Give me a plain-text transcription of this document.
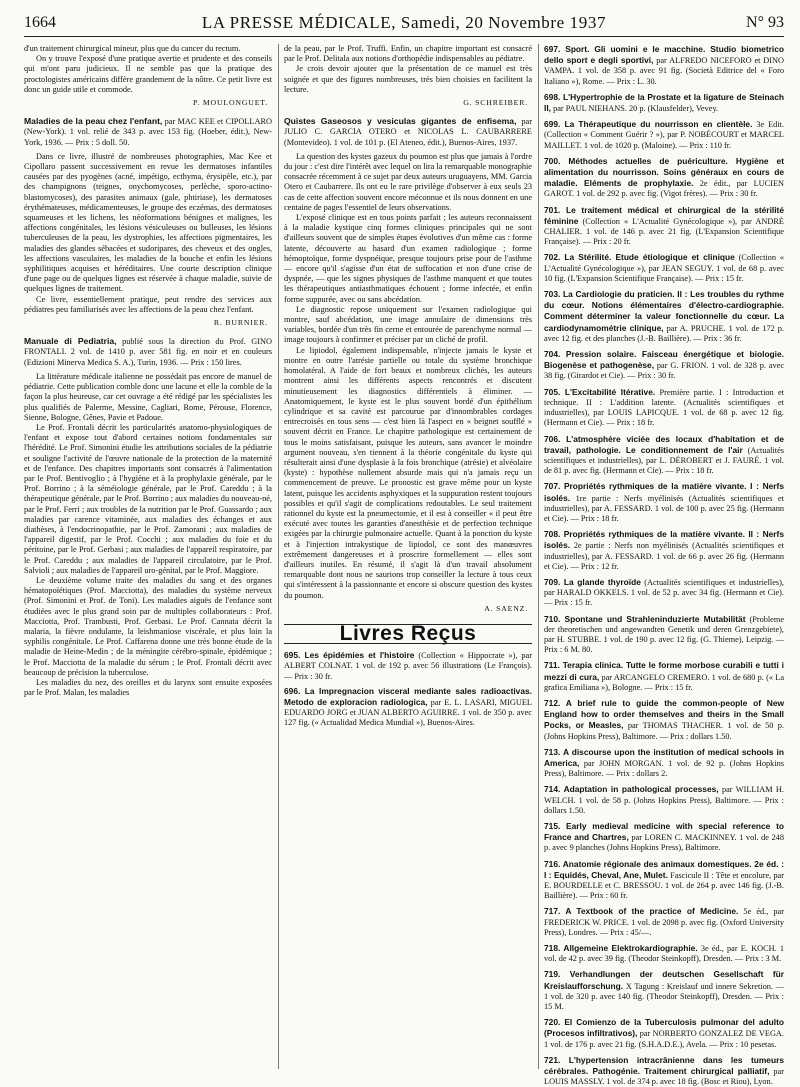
1664	LA PRESSE MÉDICALE, Samedi, 20 Novembre 1937	N° 93

d'un traitement chirurgical mineur, plus que du cancer du rectum.

On y trouve l'exposé d'une pratique avertie et prudente et des conseils qui m'ont paru judicieux. Il ne semble pas que la pratique des proctologistes américains diffère grandement de la nôtre. Ce petit livre est donc un guide utile et commode.

P. MOULONGUET.

Maladies de la peau chez l'enfant, par MAC KEE et CIPOLLARO (New-York). 1 vol. relié de 343 p. avec 153 fig. (Hoeber, édit.), New-York, 1936. — Prix : 5 doll. 50.

Dans ce livre, illustré de nombreuses photographies, Mac Kee et Cipollaro passent successivement en revue les dermatoses infantiles causées par des pyogènes (acné, impétigo, ecthyma, érysipèle, etc.), par des champignons (teignes, onychomycoses, perlèche, sporo-actino-blastomycoses), des parasites animaux (gale, phtiriase), les dermatoses érythémateuses, médicamenteuses, le groupe des eczémas, des dermatoses squameuses et les lichens, les néoformations bénignes et malignes, les affections congénitales, les lésions vésiculeuses ou bulleuses, les lésions tuberculeuses de la peau, les dystrophies, les affections pigmentaires, les maladies des glandes sébacées et sudoripares, des cheveux et des ongles, les affections vasculaires, les maladies de la bouche et enfin les lésions syphilitiques acquises et héréditaires. Une courte description clinique d'une page ou de quelques lignes est réservée à chaque maladie, suivie de quelques lignes de traitement.

Ce livre, essentiellement pratique, peut rendre des services aux pédiatres peu familiarisés avec les affections de la peau chez l'enfant.

R. BURNIER.

Manuale di Pediatria, publié sous la direction du Prof. GINO FRONTALI. 2 vol. de 1410 p. avec 581 fig. en noir et en couleurs (Edizioni Minerva Medica S. A.), Turin, 1936. — Prix : 150 lires.

La littérature médicale italienne ne possédait pas encore de manuel de pédiatrie. Cette publication comble donc une lacune et elle la comble de la façon la plus heureuse, car cet ouvrage a été rédigé par les spécialistes les plus qualifiés de Palerme, Messine, Cagliari, Rome, Pérouse, Florence, Sienne, Bologne, Gênes, Pavie et Padoue.

Le Prof. Frontali décrit les particularités anatomo-physiologiques de l'enfant et expose tout d'abord certaines notions fondamentales sur l'hérédité. Le Prof. Simonini étudie les attributions sociales de la pédiatrie et souligne l'activité de l'œuvre nationale de la protection de la maternité et de l'enfance. Des chapitres importants sont consacrés à l'alimentation par le Prof. Bentivoglio ; à l'hygiène et à la prophylaxie générale, par le Prof. Borrino ; à la séméiologie générale, par le Prof. Careddu ; à la thérapeutique générale, par le Prof. Borrino ; aux maladies du nouveau-né, par le Prof. Ferri ; aux troubles de la nutrition par le Prof. Guassardo ; aux maladies par carence vitaminée, aux maladies des échanges et aux diathèses, à l'endocrinopathie, par le Prof. Zamorani ; aux maladies de l'appareil digestif, par le Prof. Cocchi ; aux maladies du foie et du péritoine, par le Prof. Gerbasi ; aux maladies de l'appareil respiratoire, par le Prof. Careddu ; aux maladies de l'appareil circulatoire, par le Prof. Salvioli ; aux maladies de l'appareil uro-génital, par le Prof. Maggiore.

Le deuxième volume traite des maladies du sang et des organes hématopoïétiques (Prof. Macciotta), des maladies du système nerveux (Prof. Simonini et Prof. de Toni). Les maladies aiguës de l'enfance sont étudiées avec le plus grand soin par de multiples collaborateurs : Prof. Macciotta, Prof. Trambusti, Prof. Gerbasi. Le Prof. Cannata décrit la malaria, la fièvre ondulante, la leishmaniose viscérale, et plus loin la syphilis congénitale. Le Prof. Caffarena donne une très bonne étude de la maladie de Heine-Medin ; de la méningite cérébro-spinale, épidémique ; le Prof. Macciotta de la maladie du sérum ; le Prof. Frontali décrit avec beaucoup de précision la tuberculose.

Les maladies du nez, des oreilles et du larynx sont ensuite exposées par le Prof. Malan, les maladies

de la peau, par le Prof. Truffi. Enfin, un chapitre important est consacré par le Prof. Delitala aux notions d'orthopédie indispensables au pédiatre.

Je crois devoir ajouter que la présentation de ce manuel est très soignée et que des figures nombreuses, très bien choisies en facilitent la lecture.

G. SCHREIBER.

Quistes Gaseosos y vesiculas gigantes de enfisema, par JULIO C. GARCIA OTERO et NICOLAS L. CAUBARRERE (Montevideo). 1 vol. de 101 p. (El Ateneo, édit.), Buenos-Aires, 1937.

La question des kystes gazeux du poumon est plus que jamais à l'ordre du jour : c'est dire l'intérêt avec lequel on lira la remarquable monographie consacrée récemment à ce sujet par deux auteurs uruguayens, MM. Garcia Otero et Caubarrere. Ils ont eu le rare privilège d'observer à eux seuls 23 cas de cette affection souvent encore méconnue et ils nous donnent en une centaine de pages l'essentiel de leurs observations.

L'exposé clinique est en tous points parfait ; les auteurs reconnaissent à la maladie kystique cinq formes cliniques principales qui ne sont d'ailleurs souvent que de simples étapes évolutives d'un même cas : forme latente, découverte au hasard d'un examen radiologique ; forme hémoptoïque, forme dyspnéique, presque toujours prise pour de l'asthme — encore qu'il s'agisse d'un état de suffocation et non d'une crise de dyspnée, — que les signes physiques de l'asthme manquent et que toutes les thérapeutiques antiasthmatiques échouent ; forme infectée, et enfin forme suppurée, avec ou sans abcédation.

Le diagnostic repose uniquement sur l'examen radiologique qui montre, sauf abcédation, une image annulaire de dimensions très variables, bordée d'un très fin cerne et entourée de parenchyme normal — image toujours à confirmer et préciser par un cliché de profil.

Le lipiodol, également indispensable, n'injecte jamais le kyste et montre en outre l'atrésie partielle ou totale du système bronchique homolatéral. A l'aide de fort beaux et nombreux clichés, les auteurs montrent ainsi les différents aspects rencontrés et discutent minutieusement les diagnostics différentiels à éliminer. — Anatomiquement, le kyste est le plus souvent bordé d'un épithélium cylindrique et sa cavité est parcourue par d'innombrables cordages entrecroisés en tous sens — c'est bien là l'aspect en « beignet soufflé » souvent décrit en France. Le chapitre pathologique est certainement de tous le moins satisfaisant, puisque les auteurs, sans avancer le moindre argument nouveau, s'en tiennent à la théorie congénitale du kyste qui résulterait ainsi d'une dysplasie à la fois bronchique (atrésie) et alvéolaire (kyste) : hypothèse nullement absurde mais qui n'a jamais reçu un commencement de preuve. Le pronostic est grave même pour un kyste latent, puisque les accidents asphyxiques et la suppuration restent toujours possibles et qu'il s'agit de complications redoutables. Le seul traitement rationnel du kyste est la pneumectomie, et il est à conseiller « il peut être exécuté avec toutes les garanties d'anesthésie et de perfection technique exigées par la chirurgie pulmonaire actuelle. Quant à la ponction du kyste et à l'injection intrakystique de lipiodol, ce sont des manœuvres extrêmement dangereuses et à proscrire formellement — elles sont d'ailleurs inutiles. En résumé, il s'agit là d'un travail absolument remarquable dont nous ne saurions trop conseiller la lecture à tous ceux qui s'intéressent à la passionnante et encore si obscure question des kystes du poumon.

A. SAENZ.

Livres Reçus

695. Les épidémies et l'histoire (Collection « Hippocrate »), par ALBERT COLNAT. 1 vol. de 192 p. avec 56 illustrations (Le François). — Prix : 30 fr.

696. La Impregnacion visceral mediante sales radioactivas. Metodo de exploracion radiologica, par E. L. LASARI, MIGUEL EDUARDO JORG et JUAN ALBERTO AGUIRRE. 1 vol. de 350 p. avec 127 fig. (« Actualidad Medica Mundial »), Buenos-Aires.

697. Sport. Gli uomini e le macchine. Studio biometrico dello sport e degli sportivi, par ALFREDO NICEFORO et DINO VAMPA. 1 vol. de 358 p. avec 91 fig. (Società Editrice del « Foro Italiano »), Rome. — Prix : L. 30.

698. L'Hypertrophie de la Prostate et la ligature de Steinach II, par PAUL NIEHANS. 20 p. (Klausfelder), Vevey.

699. La Thérapeutique du nourrisson en clientèle. 3e Edit. (Collection « Comment Guérir ? »), par P. NOBÉCOURT et MARCEL MAILLET. 1 vol. de 1020 p. (Maloine). — Prix : 110 fr.

700. Méthodes actuelles de puériculture. Hygiène et alimentation du nourrisson. Soins généraux en cours de maladie. Eléments de prophylaxie. 2e édit., par LUCIEN GAROT. 1 vol. de 292 p. avec fig. (Vigot frères). — Prix : 30 fr.

701. Le traitement médical et chirurgical de la stérilité féminine (Collection « L'Actualité Gynécologique »), par ANDRÉ CHALIER. 1 vol. de 146 p. avec 21 fig. (L'Expansion Scientifique Française). — Prix : 20 fr.

702. La Stérilité. Etude étiologique et clinique (Collection « L'Actualité Gynécologique »), par JEAN SEGUY. 1 vol. de 68 p. avec 10 fig. (L'Expansion Scientifique Française). — Prix : 15 fr.

703. La Cardiologie du praticien. II : Les troubles du rythme du cœur. Notions élémentaires d'électro-cardiographie. Comment déterminer la valeur fonctionnelle du cœur. La cardiodynamométrie clinique, par A. PRUCHE. 1 vol. de 172 p. avec 12 fig. et des planches (J.-B. Baillière). — Prix : 36 fr.

704. Pression solaire. Faisceau énergétique et biologie. Biogenèse et pathogenèse, par G. FRION. 1 vol. de 328 p. avec 38 fig. (Girardot et Cie). — Prix : 30 fr.

705. L'Excitabilité Itérative. Première partie. I : Introduction et technique. II : L'addition latente. (Actualités scientifiques et industrielles), par LOUIS LAPICQUE. 1 vol. de 68 p. avec 12 fig. (Hermann et Cie). — Prix : 18 fr.

706. L'atmosphère viciée des locaux d'habitation et de travail, pathologie. Le conditionnement de l'air (Actualités scientifiques et industrielles), par L. DÉROBERT et J. FAURÉ. 1 vol. de 81 p. avec fig. (Hermann et Cie). — Prix : 18 fr.

707. Propriétés rythmiques de la matière vivante. I : Nerfs isolés. 1re partie : Nerfs myélinisés (Actualités scientifiques et industrielles), par A. FESSARD. 1 vol. de 100 p. avec 25 fig. (Hermann et Cie). — Prix : 18 fr.

708. Propriétés rythmiques de la matière vivante. II : Nerfs isolés. 2e partie : Nerfs non myélinisés (Actualités scientifiques et industrielles), par A. FESSARD. 1 vol. de 66 p. avec 26 fig. (Hermann et Cie). — Prix : 12 fr.

709. La glande thyroïde (Actualités scientifiques et industrielles), par HARALD OKKELS. 1 vol. de 52 p. avec 34 fig. (Hermann et Cie). — Prix : 15 fr.

710. Spontane und Strahleninduzierte Mutabilität (Probleme der theoretischen und angewandten Genetik und deren Grenzgebiete), par H. STUBBE. 1 vol. de 190 p. avec 12 fig. (G. Thieme), Leipzig. — Prix : 6 M. 80.

711. Terapia clinica. Tutte le forme morbose curabili e tutti i mezzi di cura, par ARCANGELO CREMERO. 1 vol. de 680 p. (« La grafica Emiliana »), Bologne. — Prix : 15 fr.

712. A brief rule to guide the common-people of New England how to order themselves and theirs in the Small Pocks, or Measles, par THOMAS THACHER. 1 vol. de 50 p. (Johns Hopkins Press), Baltimore. — Prix : dollars 1.50.

713. A discourse upon the institution of medical schools in America, par JOHN MORGAN. 1 vol. de 92 p. (Johns Hopkins Press), Baltimore. — Prix : dollars 2.

714. Adaptation in pathological processes, par WILLIAM H. WELCH. 1 vol. de 58 p. (Johns Hopkins Press), Baltimore. — Prix : dollars 1.50.

715. Early medieval medicine with special reference to France and Chartres, par LOREN C. MACKINNEY. 1 vol. de 248 p. avec 9 planches (Johns Hopkins Press), Baltimore.

716. Anatomie régionale des animaux domestiques. 2e éd. : I : Equidés, Cheval, Ane, Mulet. Fascicule II : Tête et encolure, par E. BOURDELLE et C. BRESSOU. 1 vol. de 264 p. avec 146 fig. (J.-B. Baillière). — Prix : 60 fr.

717. A Textbook of the practice of Medicine. 5e éd., par FREDERICK W. PRICE. 1 vol. de 2098 p. avec fig. (Oxford University Press), Londres. — Prix : 45/—.

718. Allgemeine Elektrokardiographie. 3e éd., par E. KOCH. 1 vol. de 42 p. avec 39 fig. (Theodor Steinkopff), Dresden. — Prix : 3 M.

719. Verhandlungen der deutschen Gesellschaft für Kreislaufforschung. X Tagung : Kreislauf und innere Sekretion. — 1 vol. de 320 p. avec 140 fig. (Theodor Steinkopff), Dresden. — Prix : 15 M.

720. El Comienzo de la Tuberculosis pulmonar del adulto (Procesos infiltrativos), par NORBERTO GONZALEZ DE VEGA. 1 vol. de 176 p. avec 21 fig. (S.H.A.D.E.), Avela. — Prix : 10 pesetas.

721. L'hypertension intracrânienne dans les tumeurs cérébrales. Pathogénie. Traitement chirurgical palliatif, par LOUIS MASSLY. 1 vol. de 374 p. avec 18 fig. (Bosc et Riou), Lyon.
